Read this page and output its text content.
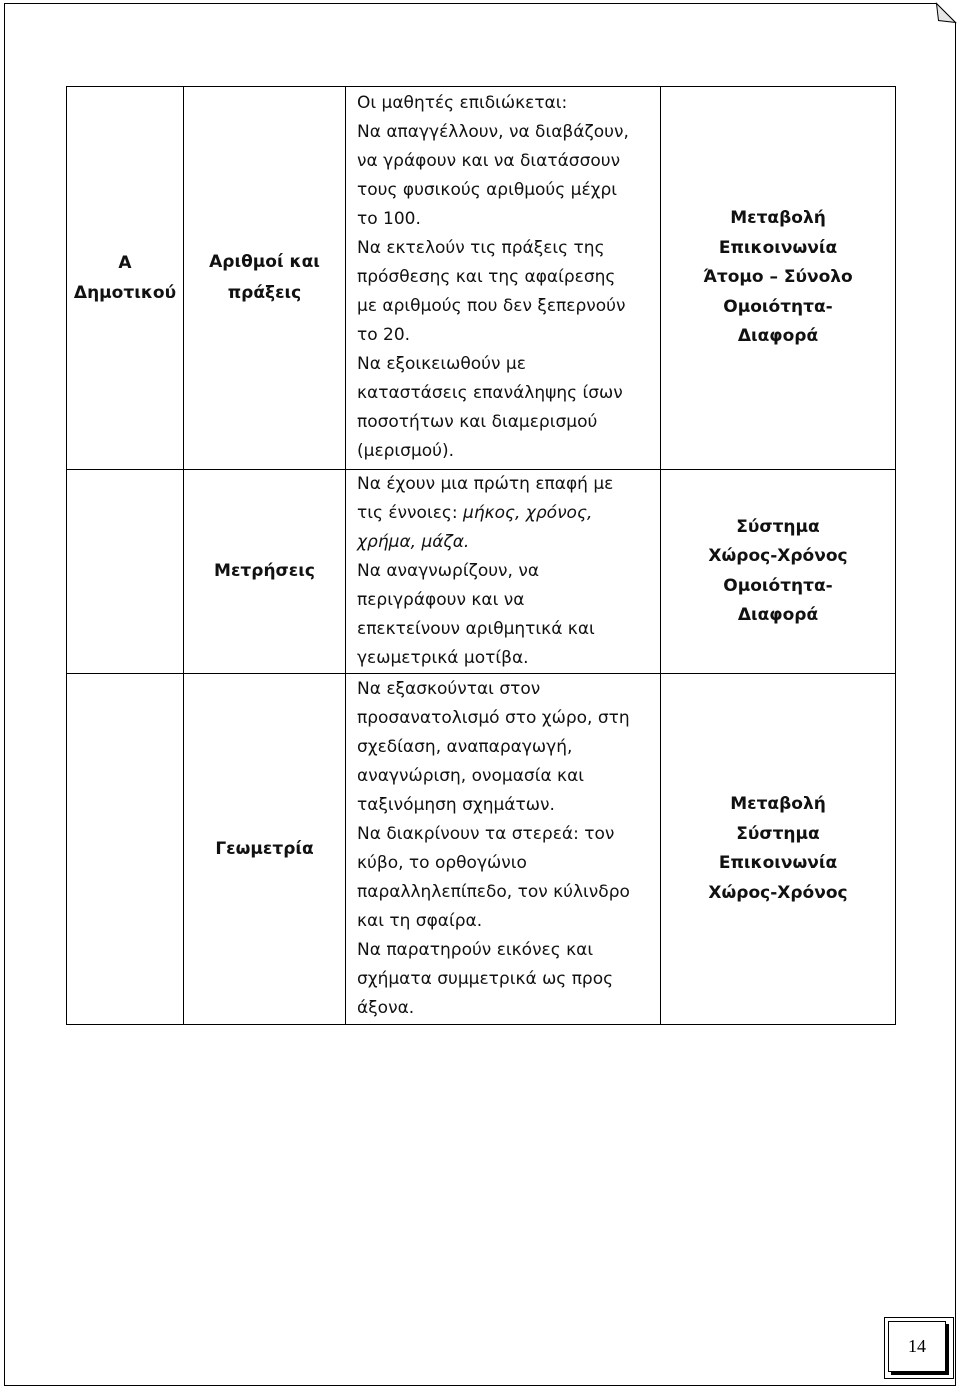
Α
Δημοτικού
Αριθμοί και
πράξεις
Οι μαθητές επιδιώκεται:
Να απαγγέλλουν, να διαβάζουν,
να γράφουν και να διατάσσουν
τους φυσικούς αριθμούς μέχρι
το 100.
Να εκτελούν τις πράξεις της
πρόσθεσης και της αφαίρεσης
με αριθμούς που δεν ξεπερνούν
το 20.
Να εξοικειωθούν με
καταστάσεις επανάληψης ίσων
ποσοτήτων και διαμερισμού
(μερισμού).
Μεταβολή
Επικοινωνία
Άτομο – Σύνολο
Ομοιότητα-
Διαφορά
Μετρήσεις
Να έχουν μια πρώτη επαφή με
τις έννοιες: μήκος, χρόνος,
χρήμα, μάζα.
Να αναγνωρίζουν, να
περιγράφουν και να
επεκτείνουν αριθμητικά και
γεωμετρικά μοτίβα.
Σύστημα
Χώρος-Χρόνος
Ομοιότητα-
Διαφορά
Γεωμετρία
Να εξασκούνται στον
προσανατολισμό στο χώρο, στη
σχεδίαση, αναπαραγωγή,
αναγνώριση, ονομασία και
ταξινόμηση σχημάτων.
Να διακρίνουν τα στερεά: τον
κύβο, το ορθογώνιο
παραλληλεπίπεδο, τον κύλινδρο
και τη σφαίρα.
Να παρατηρούν εικόνες και
σχήματα συμμετρικά ως προς
άξονα.
Μεταβολή
Σύστημα
Επικοινωνία
Χώρος-Χρόνος
14
